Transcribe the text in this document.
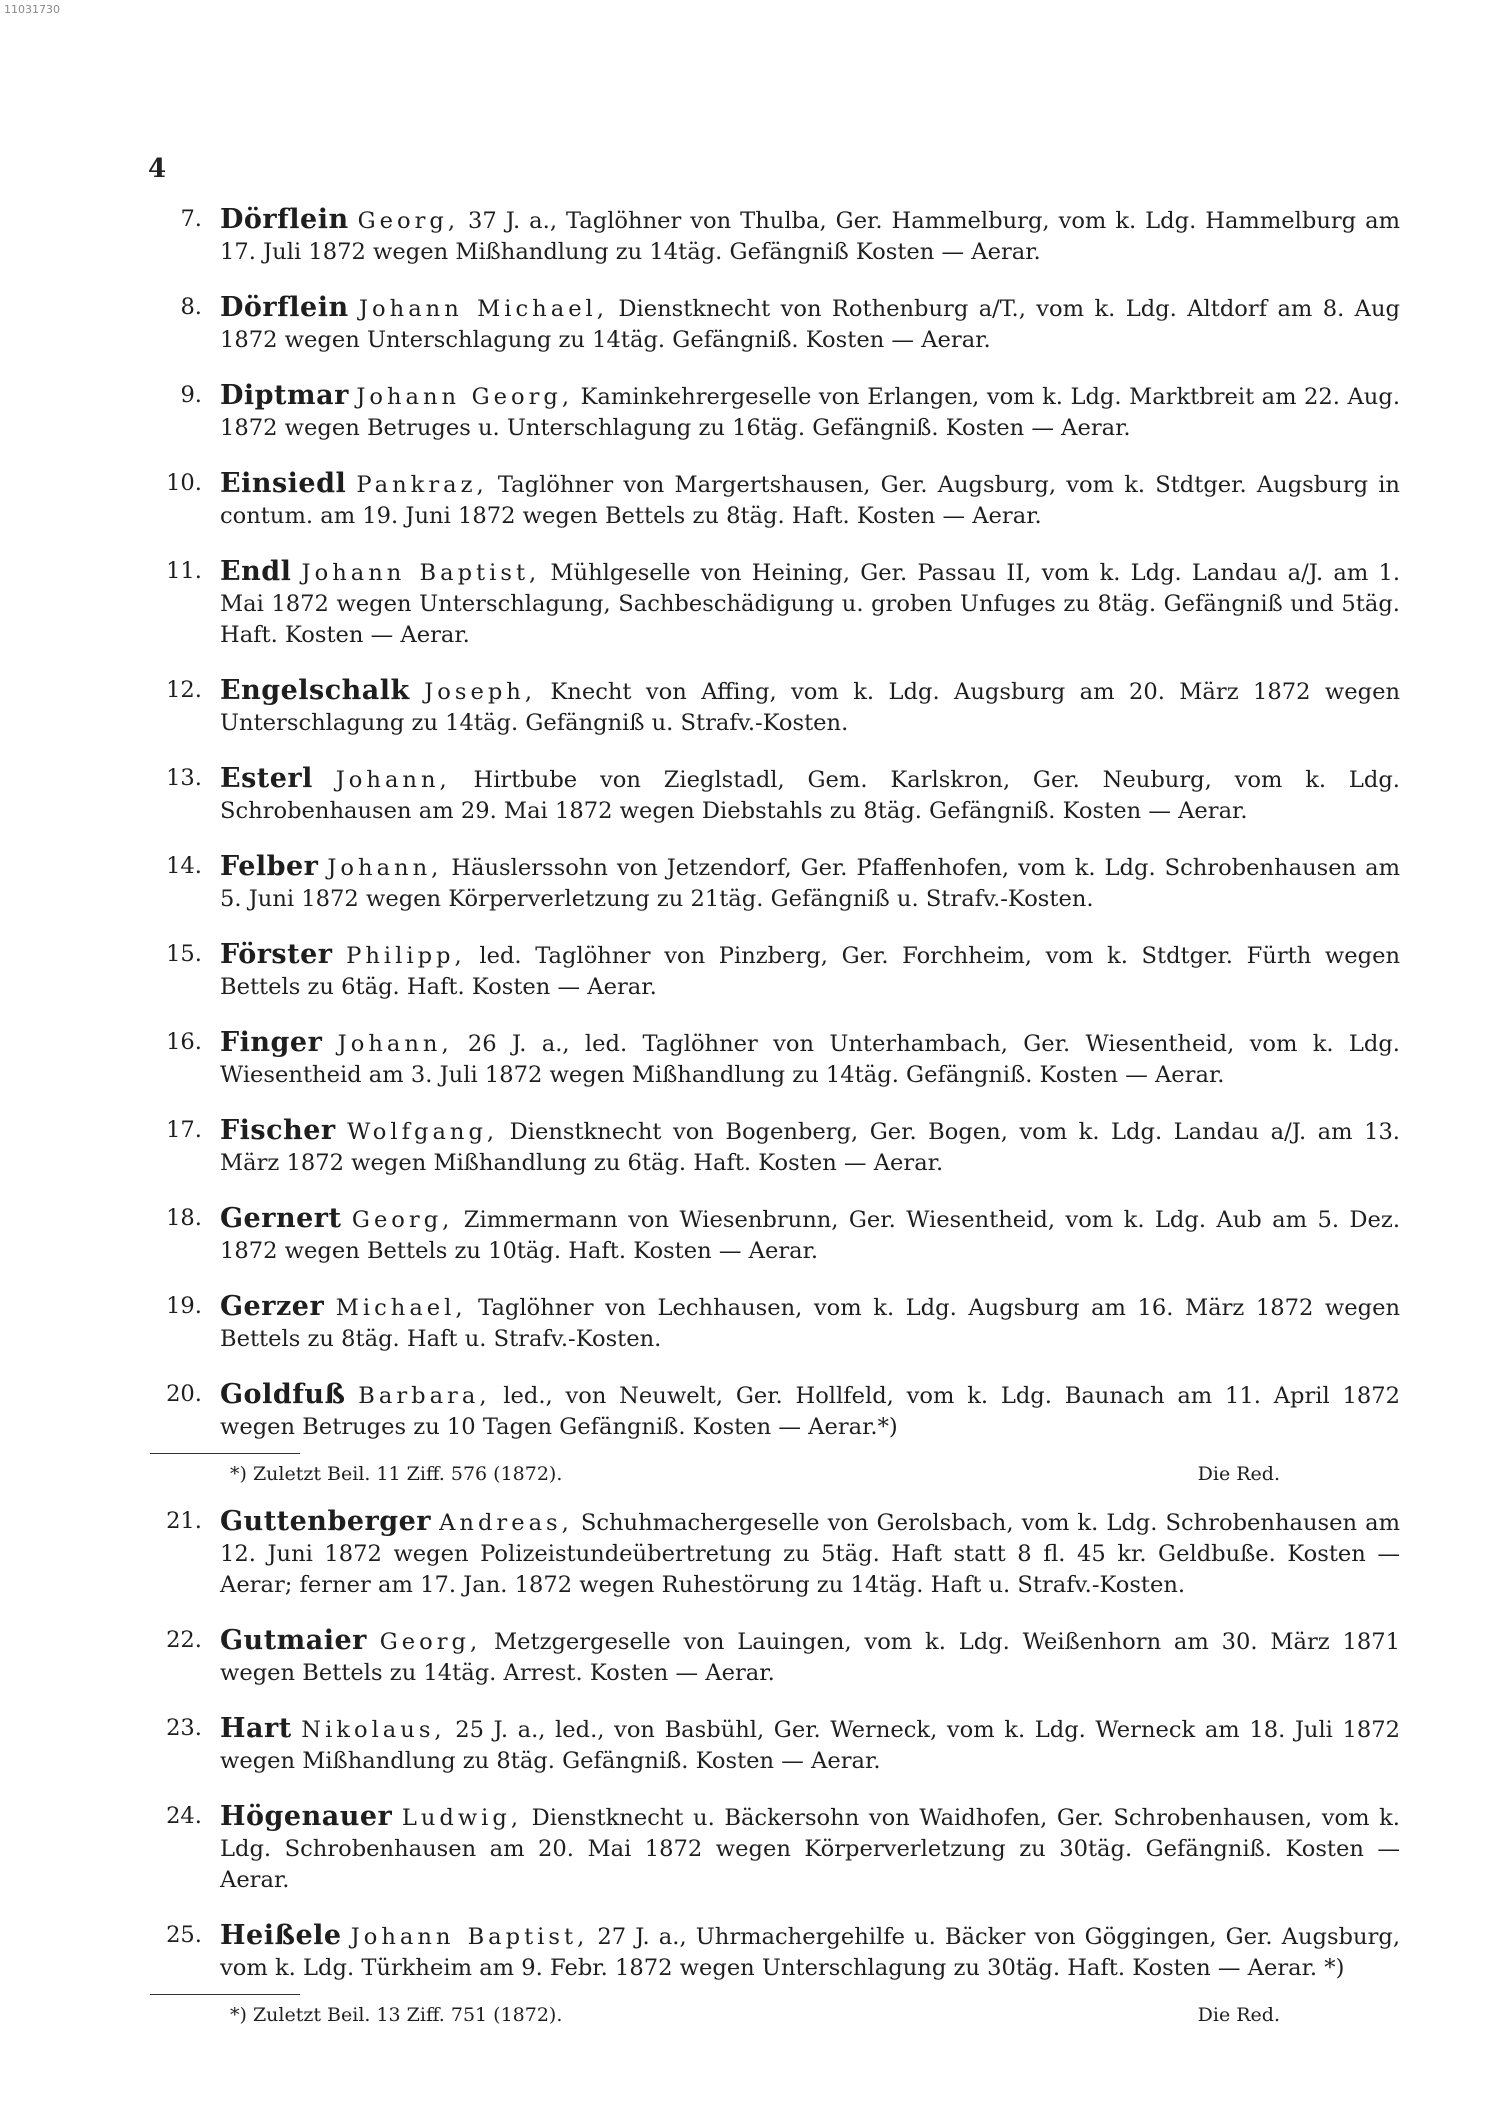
11031730
4
7. Dörflein Georg, 37 J. a., Taglöhner von Thulba, Ger. Hammelburg, vom k. Ldg. Hammelburg am 17. Juli 1872 wegen Mißhandlung zu 14täg. Gefängniß Kosten — Aerar.
8. Dörflein Johann Michael, Dienstknecht von Rothenburg a/T., vom k. Ldg. Altdorf am 8. Aug 1872 wegen Unterschlagung zu 14täg. Gefängniß. Kosten — Aerar.
9. Diptmar Johann Georg, Kaminkehrergeselle von Erlangen, vom k. Ldg. Marktbreit am 22. Aug. 1872 wegen Betruges u. Unterschlagung zu 16täg. Gefängniß. Kosten — Aerar.
10. Einsiedl Pankraz, Taglöhner von Margertshausen, Ger. Augsburg, vom k. Stdtger. Augsburg in contum. am 19. Juni 1872 wegen Bettels zu 8täg. Haft. Kosten — Aerar.
11. Endl Johann Baptist, Mühlgeselle von Heining, Ger. Passau II, vom k. Ldg. Landau a/J. am 1. Mai 1872 wegen Unterschlagung, Sachbeschädigung u. groben Unfuges zu 8täg. Gefängniß und 5täg. Haft. Kosten — Aerar.
12. Engelschalk Joseph, Knecht von Affing, vom k. Ldg. Augsburg am 20. März 1872 wegen Unterschlagung zu 14täg. Gefängniß u. Strafv.-Kosten.
13. Esterl Johann, Hirtbube von Zieglstadl, Gem. Karlskron, Ger. Neuburg, vom k. Ldg. Schrobenhausen am 29. Mai 1872 wegen Diebstahls zu 8täg. Gefängniß. Kosten — Aerar.
14. Felber Johann, Häuslerssohn von Jetzendorf, Ger. Pfaffenhofen, vom k. Ldg. Schrobenhausen am 5. Juni 1872 wegen Körperverletzung zu 21täg. Gefängniß u. Strafv.-Kosten.
15. Förster Philipp, led. Taglöhner von Pinzberg, Ger. Forchheim, vom k. Stdtger. Fürth wegen Bettels zu 6täg. Haft. Kosten — Aerar.
16. Finger Johann, 26 J. a., led. Taglöhner von Unterhambach, Ger. Wiesentheid, vom k. Ldg. Wiesentheid am 3. Juli 1872 wegen Mißhandlung zu 14täg. Gefängniß. Kosten — Aerar.
17. Fischer Wolfgang, Dienstknecht von Bogenberg, Ger. Bogen, vom k. Ldg. Landau a/J. am 13. März 1872 wegen Mißhandlung zu 6täg. Haft. Kosten — Aerar.
18. Gernert Georg, Zimmermann von Wiesenbrunn, Ger. Wiesentheid, vom k. Ldg. Aub am 5. Dez. 1872 wegen Bettels zu 10täg. Haft. Kosten — Aerar.
19. Gerzer Michael, Taglöhner von Lechhausen, vom k. Ldg. Augsburg am 16. März 1872 wegen Bettels zu 8täg. Haft u. Strafv.-Kosten.
20. Goldfuß Barbara, led., von Neuwelt, Ger. Hollfeld, vom k. Ldg. Baunach am 11. April 1872 wegen Betruges zu 10 Tagen Gefängniß. Kosten — Aerar.*)
*) Zuletzt Beil. 11 Ziff. 576 (1872).	Die Red.
21. Guttenberger Andreas, Schuhmachergeselle von Gerolsbach, vom k. Ldg. Schrobenhausen am 12. Juni 1872 wegen Polizeistundeübertretung zu 5täg. Haft statt 8 fl. 45 kr. Geldbuße. Kosten — Aerar; ferner am 17. Jan. 1872 wegen Ruhestörung zu 14täg. Haft u. Strafv.-Kosten.
22. Gutmaier Georg, Metzgergeselle von Lauingen, vom k. Ldg. Weißenhorn am 30. März 1871 wegen Bettels zu 14täg. Arrest. Kosten — Aerar.
23. Hart Nikolaus, 25 J. a., led., von Basbühl, Ger. Werneck, vom k. Ldg. Werneck am 18. Juli 1872 wegen Mißhandlung zu 8täg. Gefängniß. Kosten — Aerar.
24. Högenauer Ludwig, Dienstknecht u. Bäckersohn von Waidhofen, Ger. Schrobenhausen, vom k. Ldg. Schrobenhausen am 20. Mai 1872 wegen Körperverletzung zu 30täg. Gefängniß. Kosten — Aerar.
25. Heißele Johann Baptist, 27 J. a., Uhrmachergehilfe u. Bäcker von Göggingen, Ger. Augsburg, vom k. Ldg. Türkheim am 9. Febr. 1872 wegen Unterschlagung zu 30täg. Haft. Kosten — Aerar. *)
*) Zuletzt Beil. 13 Ziff. 751 (1872).	Die Red.
